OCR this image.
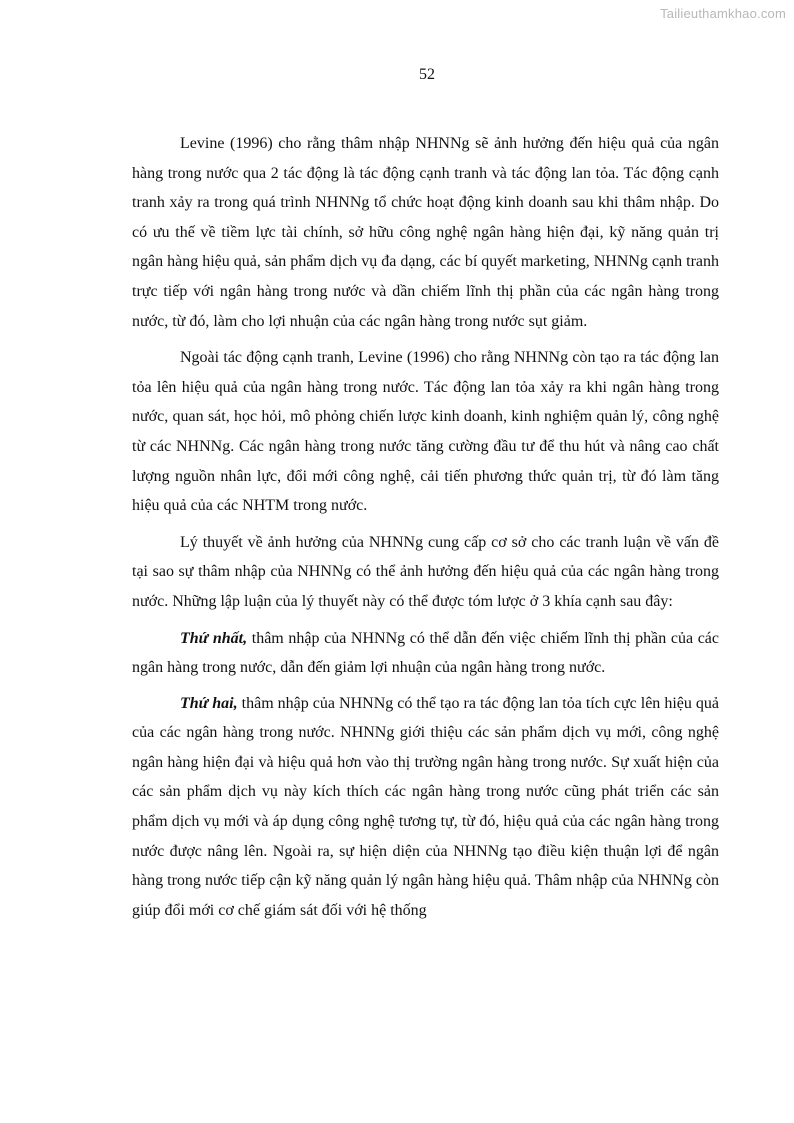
Tailieuthamkhao.com
52

Levine (1996) cho rằng thâm nhập NHNNg sẽ ảnh hưởng đến hiệu quả của ngân hàng trong nước qua 2 tác động là tác động cạnh tranh và tác động lan tỏa. Tác động cạnh tranh xảy ra trong quá trình NHNNg tổ chức hoạt động kinh doanh sau khi thâm nhập. Do có ưu thế về tiềm lực tài chính, sở hữu công nghệ ngân hàng hiện đại, kỹ năng quản trị ngân hàng hiệu quả, sản phẩm dịch vụ đa dạng, các bí quyết marketing, NHNNg cạnh tranh trực tiếp với ngân hàng trong nước và dần chiếm lĩnh thị phần của các ngân hàng trong nước, từ đó, làm cho lợi nhuận của các ngân hàng trong nước sụt giảm.

Ngoài tác động cạnh tranh, Levine (1996) cho rằng NHNNg còn tạo ra tác động lan tỏa lên hiệu quả của ngân hàng trong nước. Tác động lan tỏa xảy ra khi ngân hàng trong nước, quan sát, học hỏi, mô phỏng chiến lược kinh doanh, kinh nghiệm quản lý, công nghệ từ các NHNNg. Các ngân hàng trong nước tăng cường đầu tư để thu hút và nâng cao chất lượng nguồn nhân lực, đổi mới công nghệ, cải tiến phương thức quản trị, từ đó làm tăng hiệu quả của các NHTM trong nước.

Lý thuyết về ảnh hưởng của NHNNg cung cấp cơ sở cho các tranh luận về vấn đề tại sao sự thâm nhập của NHNNg có thể ảnh hưởng đến hiệu quả của các ngân hàng trong nước. Những lập luận của lý thuyết này có thể được tóm lược ở 3 khía cạnh sau đây:

Thứ nhất, thâm nhập của NHNNg có thể dẫn đến việc chiếm lĩnh thị phần của các ngân hàng trong nước, dẫn đến giảm lợi nhuận của ngân hàng trong nước.

Thứ hai, thâm nhập của NHNNg có thể tạo ra tác động lan tỏa tích cực lên hiệu quả của các ngân hàng trong nước. NHNNg giới thiệu các sản phẩm dịch vụ mới, công nghệ ngân hàng hiện đại và hiệu quả hơn vào thị trường ngân hàng trong nước. Sự xuất hiện của các sản phẩm dịch vụ này kích thích các ngân hàng trong nước cũng phát triển các sản phẩm dịch vụ mới và áp dụng công nghệ tương tự, từ đó, hiệu quả của các ngân hàng trong nước được nâng lên. Ngoài ra, sự hiện diện của NHNNg tạo điều kiện thuận lợi để ngân hàng trong nước tiếp cận kỹ năng quản lý ngân hàng hiệu quả. Thâm nhập của NHNNg còn giúp đổi mới cơ chế giám sát đối với hệ thống
